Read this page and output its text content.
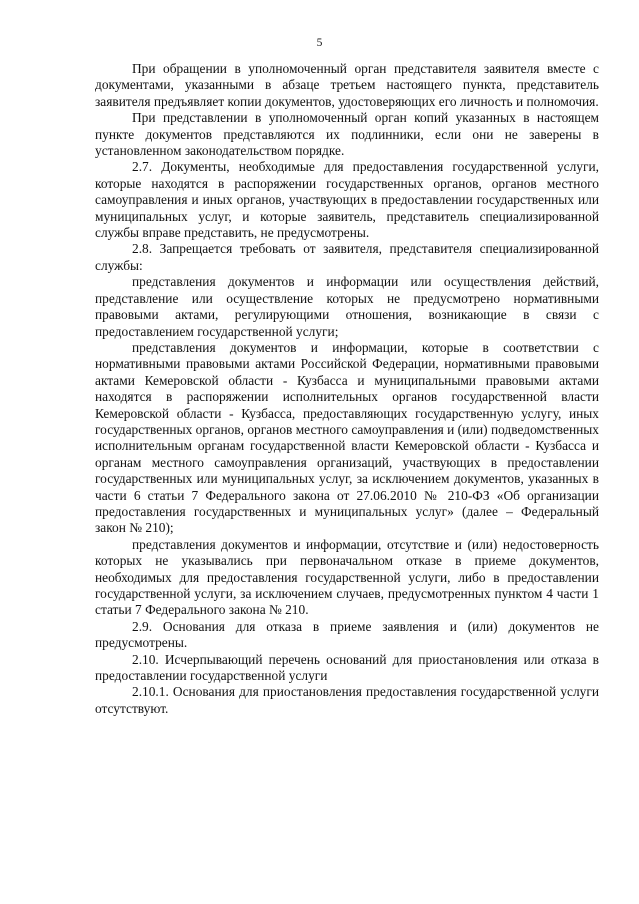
5

При обращении в уполномоченный орган представителя заявителя вместе с документами, указанными в абзаце третьем настоящего пункта, представитель заявителя предъявляет копии документов, удостоверяющих его личность и полномочия.

При представлении в уполномоченный орган копий указанных в настоящем пункте документов представляются их подлинники, если они не заверены в установленном законодательством порядке.

2.7. Документы, необходимые для предоставления государственной услуги, которые находятся в распоряжении государственных органов, органов местного самоуправления и иных органов, участвующих в предоставлении государственных или муниципальных услуг, и которые заявитель, представитель специализированной службы вправе представить, не предусмотрены.

2.8. Запрещается требовать от заявителя, представителя специализированной службы:

представления документов и информации или осуществления действий, представление или осуществление которых не предусмотрено нормативными правовыми актами, регулирующими отношения, возникающие в связи с предоставлением государственной услуги;

представления документов и информации, которые в соответствии с нормативными правовыми актами Российской Федерации, нормативными правовыми актами Кемеровской области - Кузбасса и муниципальными правовыми актами находятся в распоряжении исполнительных органов государственной власти Кемеровской области - Кузбасса, предоставляющих государственную услугу, иных государственных органов, органов местного самоуправления и (или) подведомственных исполнительным органам государственной власти Кемеровской области - Кузбасса и органам местного самоуправления организаций, участвующих в предоставлении государственных или муниципальных услуг, за исключением документов, указанных в части 6 статьи 7 Федерального закона от 27.06.2010 № 210-ФЗ «Об организации предоставления государственных и муниципальных услуг» (далее – Федеральный закон № 210);

представления документов и информации, отсутствие и (или) недостоверность которых не указывались при первоначальном отказе в приеме документов, необходимых для предоставления государственной услуги, либо в предоставлении государственной услуги, за исключением случаев, предусмотренных пунктом 4 части 1 статьи 7 Федерального закона № 210.

2.9. Основания для отказа в приеме заявления и (или) документов не предусмотрены.

2.10. Исчерпывающий перечень оснований для приостановления или отказа в предоставлении государственной услуги

2.10.1. Основания для приостановления предоставления государственной услуги отсутствуют.
